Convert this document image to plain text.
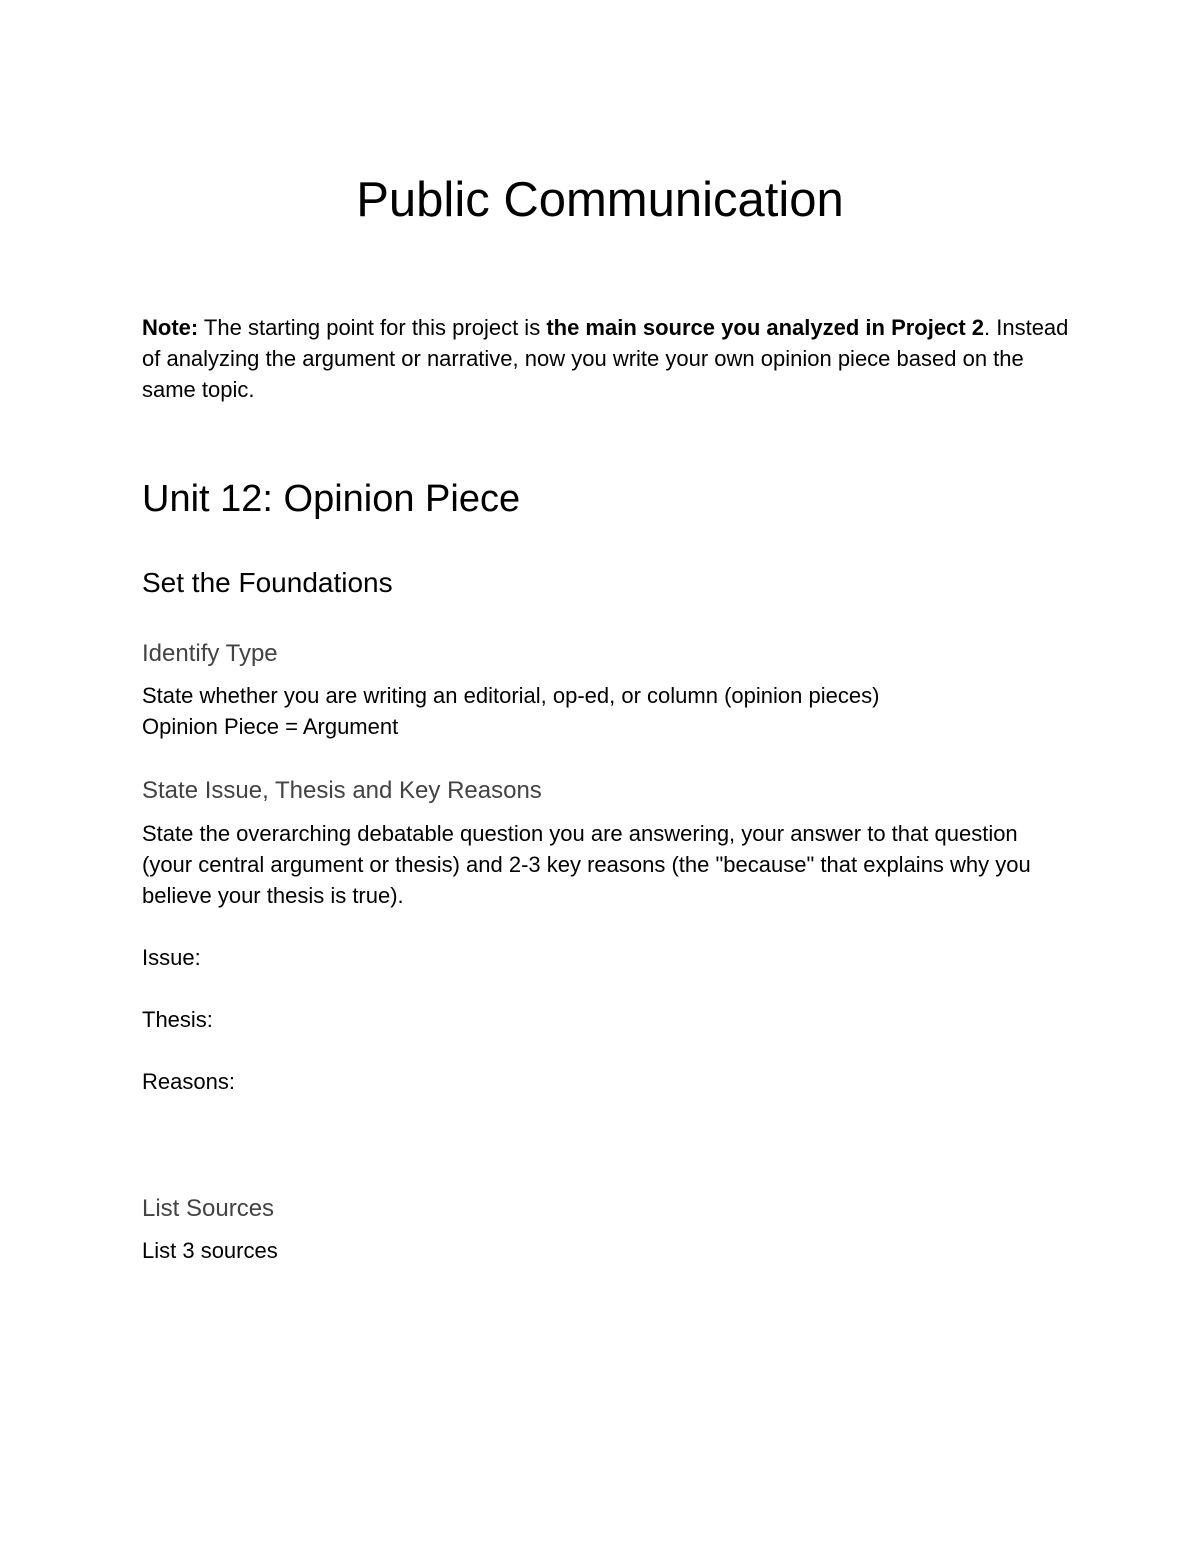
Public Communication

Note: The starting point for this project is the main source you analyzed in Project 2. Instead of analyzing the argument or narrative, now you write your own opinion piece based on the same topic.

Unit 12: Opinion Piece
Set the Foundations
Identify Type

State whether you are writing an editorial, op-ed, or column (opinion pieces)

Opinion Piece = Argument

State Issue, Thesis and Key Reasons

State the overarching debatable question you are answering, your answer to that question (your central argument or thesis) and 2-3 key reasons (the "because" that explains why you believe your thesis is true).

Issue:

Thesis:

Reasons:

List Sources

List 3 sources
